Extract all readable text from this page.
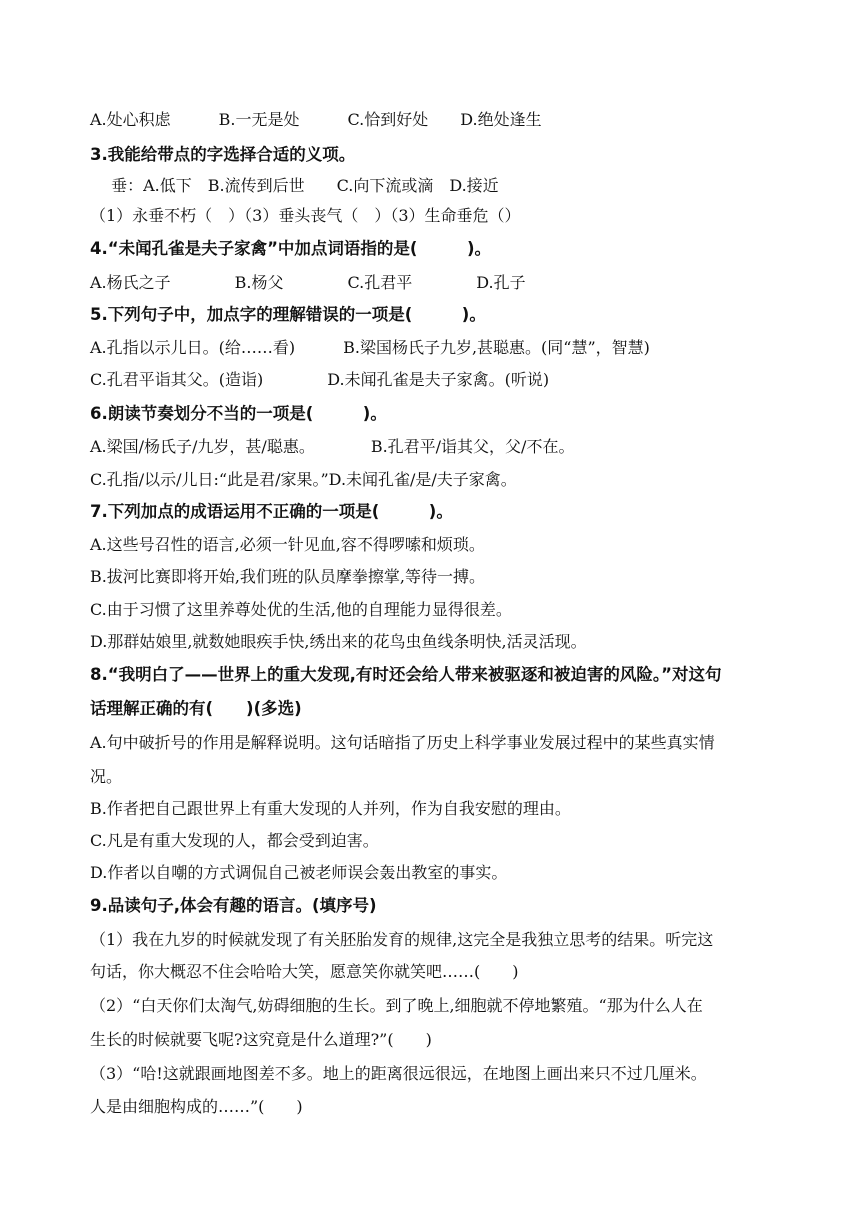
A.处心积虑　　　B.一无是处　　　C.恰到好处　　D.绝处逢生
3.我能给带点的字选择合适的义项。
　 垂：A.低下　B.流传到后世　　C.向下流或滴　D.接近
（1）永垂不朽（　）（3）垂头丧气（　）（3）生命垂危（）
4.“未闻孔雀是夫子家禽”中加点词语指的是(　　　)。
A.杨氏之子　　　　B.杨父　　　　C.孔君平　　　　D.孔子
5.下列句子中，加点字的理解错误的一项是(　　　)。
A.孔指以示儿日。(给……看)　　　B.梁国杨氏子九岁,甚聪惠。(同“慧”，智慧)
C.孔君平诣其父。(造诣)　　　　D.未闻孔雀是夫子家禽。(听说)
6.朗读节奏划分不当的一项是(　　　)。
A.梁国/杨氏子/九岁，甚/聪惠。　　　　B.孔君平/诣其父，父/不在。
C.孔指/以示/儿日:“此是君/家果。”D.未闻孔雀/是/夫子家禽。
7.下列加点的成语运用不正确的一项是(　　　)。
A.这些号召性的语言,必须一针见血,容不得啰嗦和烦琐。
B.拔河比赛即将开始,我们班的队员摩拳擦掌,等待一搏。
C.由于习惯了这里养尊处优的生活,他的自理能力显得很差。
D.那群姑娘里,就数她眼疾手快,绣出来的花鸟虫鱼线条明快,活灵活现。
8.“我明白了——世界上的重大发现,有时还会给人带来被驱逐和被迫害的风险。”对这句
话理解正确的有(　　)(多选)
A.句中破折号的作用是解释说明。这句话暗指了历史上科学事业发展过程中的某些真实情
况。
B.作者把自己跟世界上有重大发现的人并列，作为自我安慰的理由。
C.凡是有重大发现的人，都会受到迫害。
D.作者以自嘲的方式调侃自己被老师误会轰出教室的事实。
9.品读句子,体会有趣的语言。(填序号)
（1）我在九岁的时候就发现了有关胚胎发育的规律,这完全是我独立思考的结果。听完这
句话，你大概忍不住会哈哈大笑，愿意笑你就笑吧……(　　)
（2）“白天你们太淘气,妨碍细胞的生长。到了晚上,细胞就不停地繁殖。“那为什么人在
生长的时候就要飞呢?这究竟是什么道理?”(　　)
（3）“哈!这就跟画地图差不多。地上的距离很远很远，在地图上画出来只不过几厘米。
人是由细胞构成的……”(　　)
